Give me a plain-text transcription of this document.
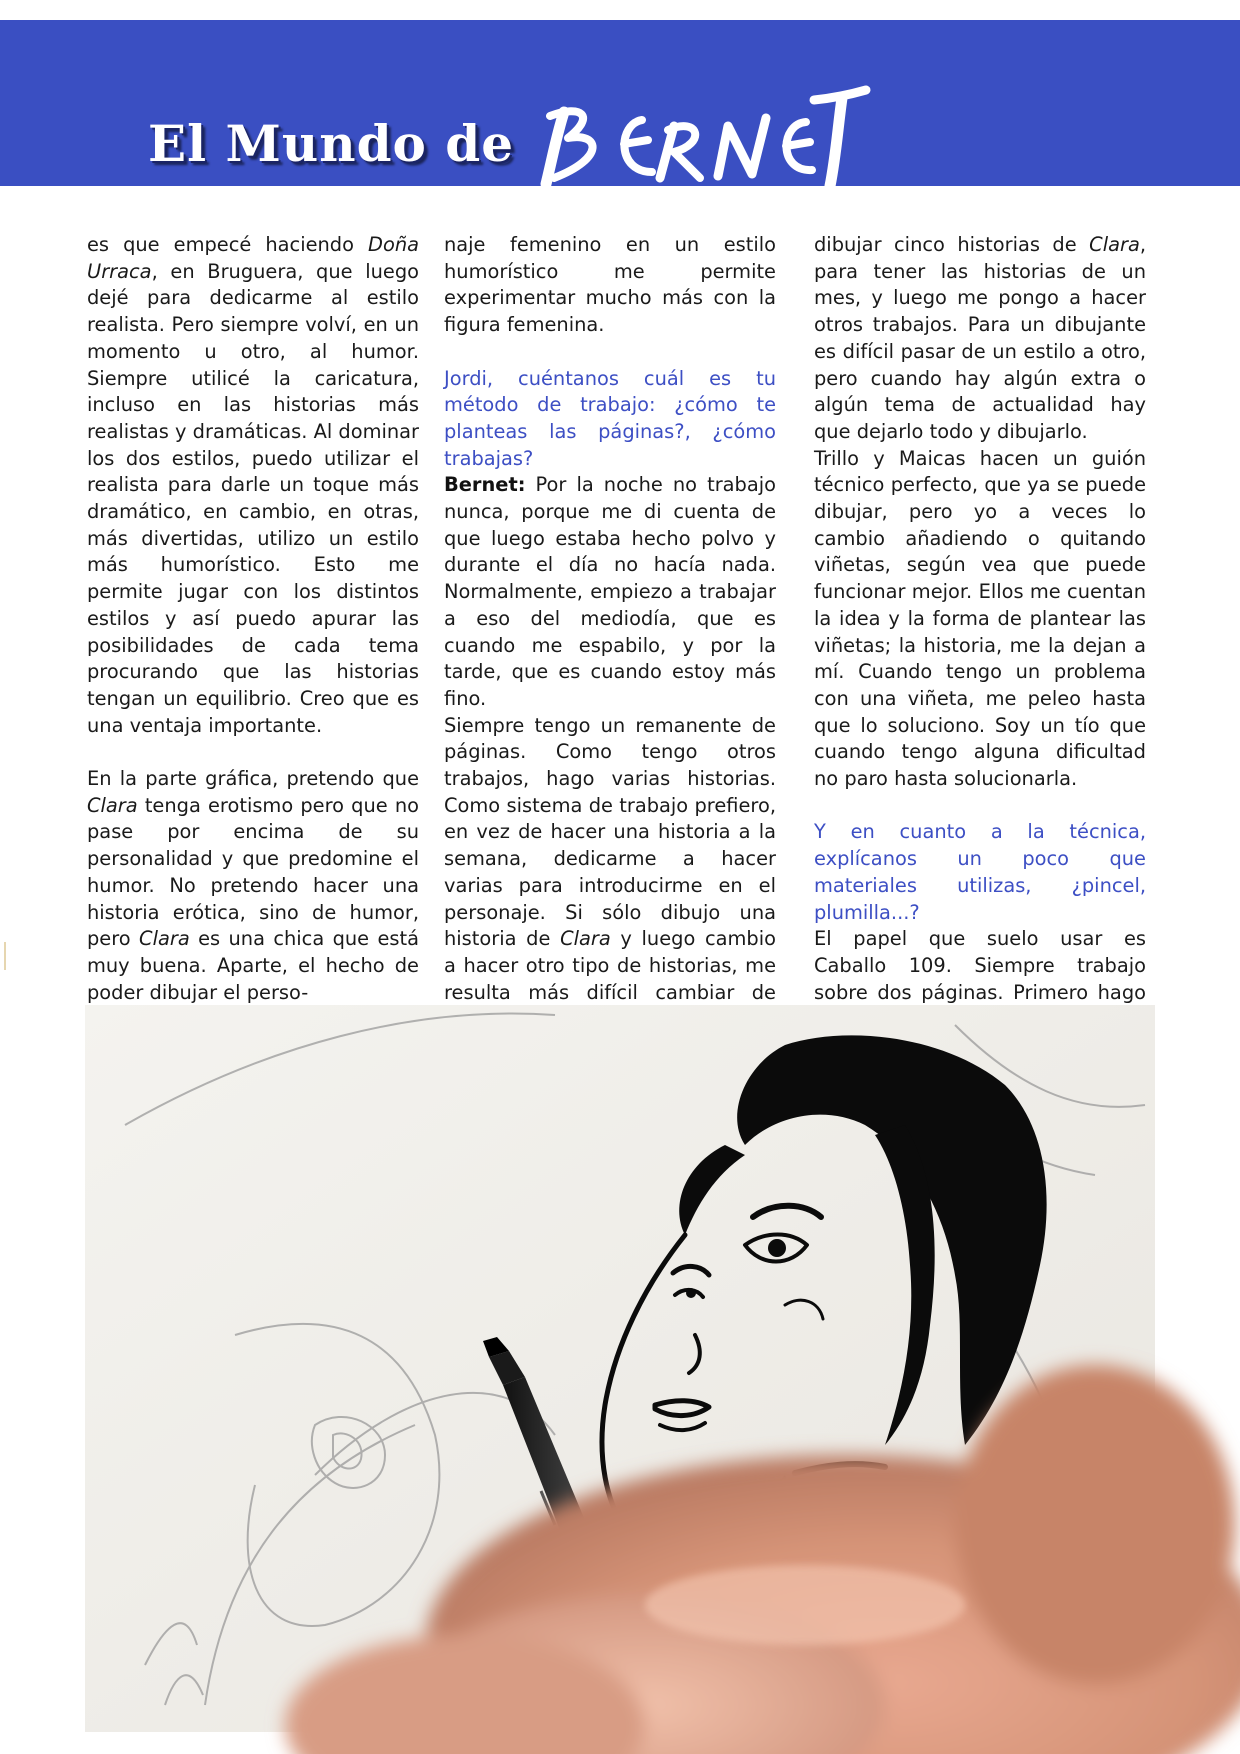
El Mundo de

es que empecé haciendo Doña Urraca, en Bruguera, que luego dejé para dedicarme al estilo realista. Pero siempre volví, en un momento u otro, al humor. Siempre utilicé la caricatura, incluso en las historias más realistas y dramáticas. Al dominar los dos estilos, puedo utilizar el realista para darle un toque más dramático, en cambio, en otras, más divertidas, utilizo un estilo más humorístico. Esto me permite jugar con los distintos estilos y así puedo apurar las posibilidades de cada tema procurando que las historias tengan un equilibrio. Creo que es una ventaja importante.

En la parte gráfica, pretendo que Clara tenga erotismo pero que no pase por encima de su personalidad y que predomine el humor. No pretendo hacer una historia erótica, sino de humor, pero Clara es una chica que está muy buena. Aparte, el hecho de poder dibujar el perso-

naje femenino en un estilo humorístico me permite experimentar mucho más con la figura femenina.

Jordi, cuéntanos cuál es tu método de trabajo: ¿cómo te planteas las páginas?, ¿cómo trabajas?

Bernet: Por la noche no trabajo nunca, porque me di cuenta de que luego estaba hecho polvo y durante el día no hacía nada. Normalmente, empiezo a trabajar a eso del mediodía, que es cuando me espabilo, y por la tarde, que es cuando estoy más fino.

Siempre tengo un remanente de páginas. Como tengo otros trabajos, hago varias historias. Como sistema de trabajo prefiero, en vez de hacer una historia a la semana, dedicarme a hacer varias para introducirme en el personaje. Si sólo dibujo una historia de Clara y luego cambio a hacer otro tipo de historias, me resulta más difícil cambiar de

dibujar cinco historias de Clara, para tener las historias de un mes, y luego me pongo a hacer otros trabajos. Para un dibujante es difícil pasar de un estilo a otro, pero cuando hay algún extra o algún tema de actualidad hay que dejarlo todo y dibujarlo.

Trillo y Maicas hacen un guión técnico perfecto, que ya se puede dibujar, pero yo a veces lo cambio añadiendo o quitando viñetas, según vea que puede funcionar mejor. Ellos me cuentan la idea y la forma de plantear las viñetas; la historia, me la dejan a mí. Cuando tengo un problema con una viñeta, me peleo hasta que lo soluciono. Soy un tío que cuando tengo alguna dificultad no paro hasta solucionarla.

Y en cuanto a la técnica, explícanos un poco que materiales utilizas, ¿pincel, plumilla...?

El papel que suelo usar es Caballo 109. Siempre trabajo sobre dos páginas. Primero hago
